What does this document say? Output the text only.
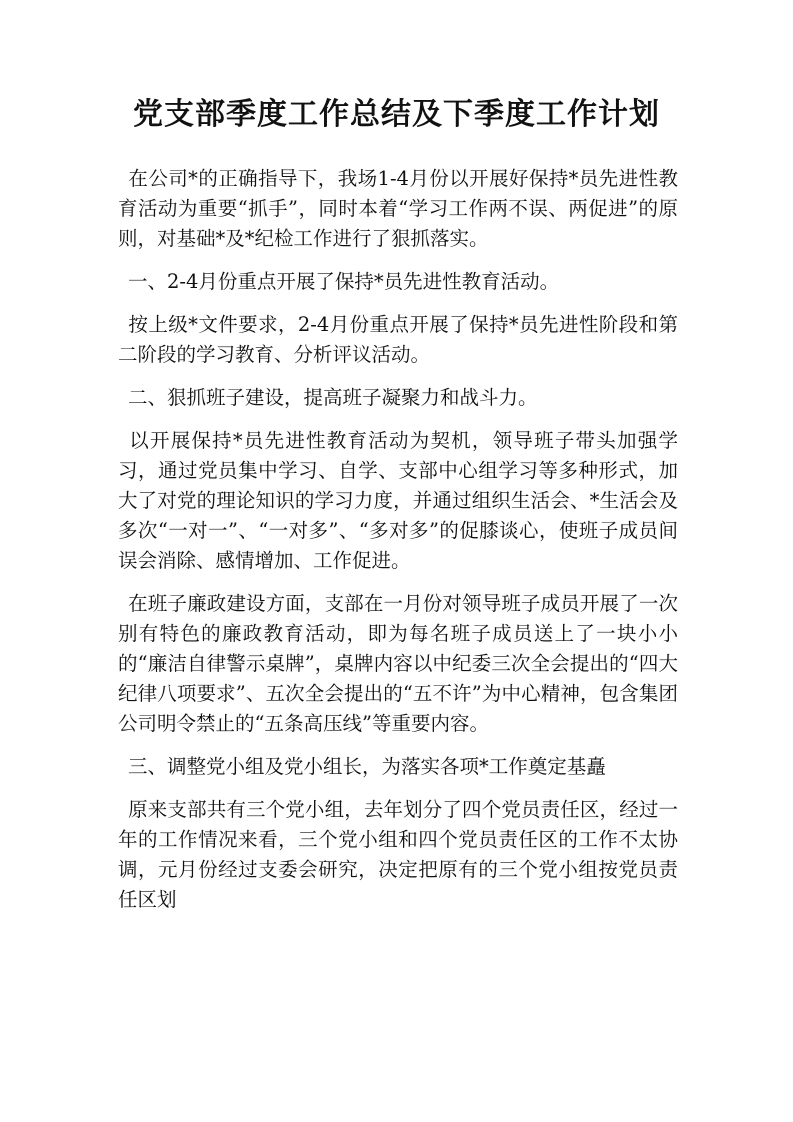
党支部季度工作总结及下季度工作计划

在公司*的正确指导下，我场1-4月份以开展好保持*员先进性教育活动为重要“抓手”，同时本着“学习工作两不误、两促进”的原则，对基础*及*纪检工作进行了狠抓落实。

一、2-4月份重点开展了保持*员先进性教育活动。

按上级*文件要求，2-4月份重点开展了保持*员先进性阶段和第二阶段的学习教育、分析评议活动。

二、狠抓班子建设，提高班子凝聚力和战斗力。

以开展保持*员先进性教育活动为契机，领导班子带头加强学习，通过党员集中学习、自学、支部中心组学习等多种形式，加大了对党的理论知识的学习力度，并通过组织生活会、*生活会及多次“一对一”、“一对多”、“多对多”的促膝谈心，使班子成员间误会消除、感情增加、工作促进。

在班子廉政建设方面，支部在一月份对领导班子成员开展了一次别有特色的廉政教育活动，即为每名班子成员送上了一块小小的“廉洁自律警示桌牌”，桌牌内容以中纪委三次全会提出的“四大纪律八项要求”、五次全会提出的“五不许”为中心精神，包含集团公司明令禁止的“五条高压线”等重要内容。

三、调整党小组及党小组长，为落实各项*工作奠定基矗

原来支部共有三个党小组，去年划分了四个党员责任区，经过一年的工作情况来看，三个党小组和四个党员责任区的工作不太协调，元月份经过支委会研究，决定把原有的三个党小组按党员责任区划
